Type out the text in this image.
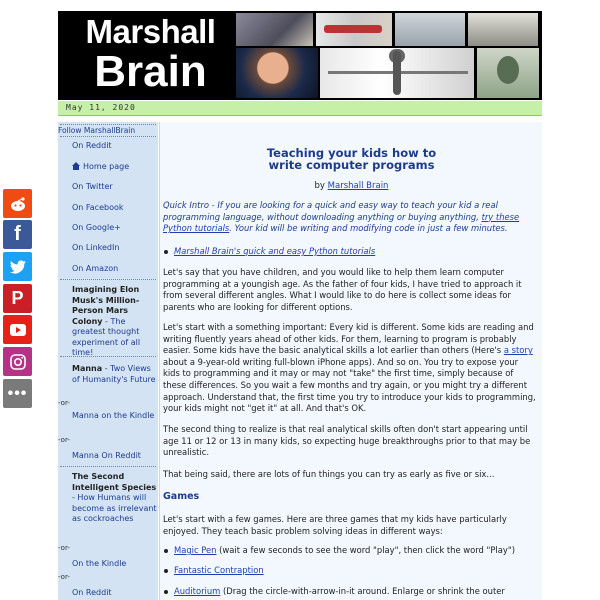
Marshall
Brain
May 11, 2020
f
P
•••
Follow MarshallBrain
On Reddit
Home page
On Twitter
On Facebook
On Google+
On LinkedIn
On Amazon
Imagining Elon Musk's Million-Person Mars Colony - The greatest thought experiment of all time!
Manna - Two Views of Humanity's Future
-or-
Manna on the Kindle
-or-
Manna On Reddit
The Second Intelligent Species - How Humans will become as irrelevant as cockroaches
-or-
On the Kindle
-or-
On Reddit
Teaching your kids how to
write computer programs
by Marshall Brain
Quick Intro - If you are looking for a quick and easy way to teach your kid a real programming language, without downloading anything or buying anything, try these Python tutorials. Your kid will be writing and modifying code in just a few minutes.
Marshall Brain's quick and easy Python tutorials
Let's say that you have children, and you would like to help them learn computer programming at a youngish age. As the father of four kids, I have tried to approach it from several different angles. What I would like to do here is collect some ideas for parents who are looking for different options.
Let's start with a something important: Every kid is different. Some kids are reading and writing fluently years ahead of other kids. For them, learning to program is probably easier. Some kids have the basic analytical skills a lot earlier than others (Here's a story about a 9-year-old writing full-blown iPhone apps). And so on. You try to expose your kids to programming and it may or may not "take" the first time, simply because of these differences. So you wait a few months and try again, or you might try a different approach. Understand that, the first time you try to introduce your kids to programming, your kids might not "get it" at all. And that's OK.
The second thing to realize is that real analytical skills often don't start appearing until age 11 or 12 or 13 in many kids, so expecting huge breakthroughs prior to that may be unrealistic.
That being said, there are lots of fun things you can try as early as five or six...
Games
Let's start with a few games. Here are three games that my kids have particularly enjoyed. They teach basic problem solving ideas in different ways:
Magic Pen (wait a few seconds to see the word "play", then click the word "Play")
Fantastic Contraption
Auditorium (Drag the circle-with-arrow-in-it around. Enlarge or shrink the outer
